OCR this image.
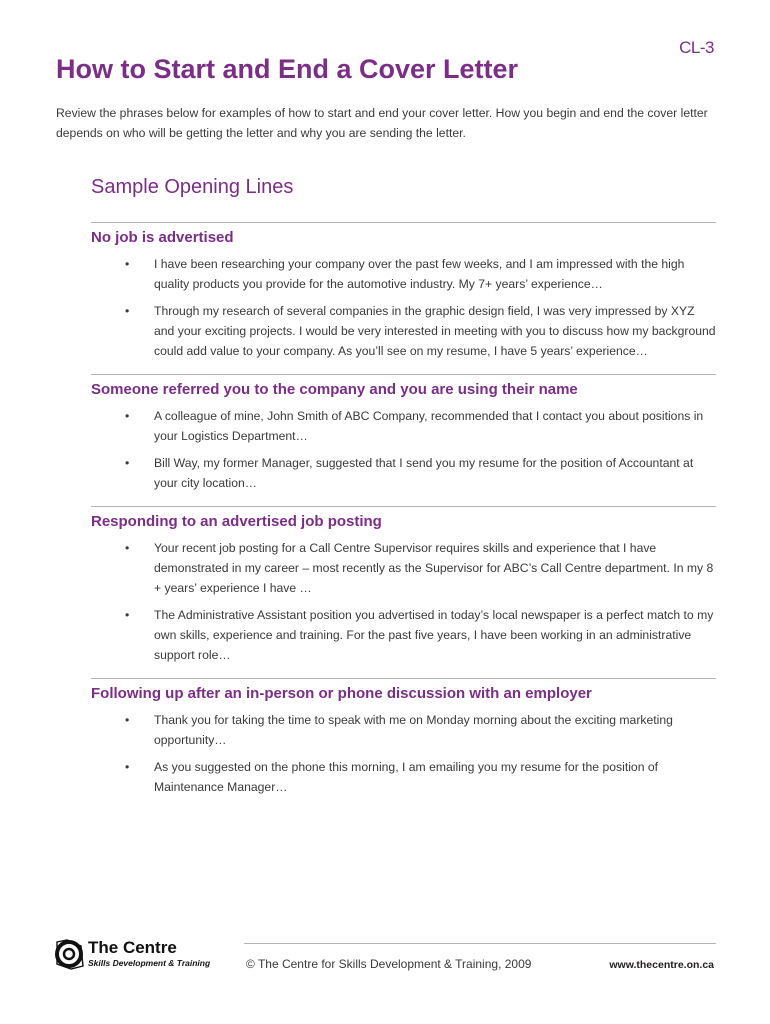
CL-3
How to Start and End a Cover Letter

Review the phrases below for examples of how to start and end your cover letter. How you begin and end the cover letter depends on who will be getting the letter and why you are sending the letter.

Sample Opening Lines
No job is advertised
• I have been researching your company over the past few weeks, and I am impressed with the high quality products you provide for the automotive industry. My 7+ years’ experience…
• Through my research of several companies in the graphic design field, I was very impressed by XYZ and your exciting projects. I would be very interested in meeting with you to discuss how my background could add value to your company. As you’ll see on my resume, I have 5 years’ experience…
Someone referred you to the company and you are using their name
• A colleague of mine, John Smith of ABC Company, recommended that I contact you about positions in your Logistics Department…
• Bill Way, my former Manager, suggested that I send you my resume for the position of Accountant at your city location…
Responding to an advertised job posting
• Your recent job posting for a Call Centre Supervisor requires skills and experience that I have demonstrated in my career – most recently as the Supervisor for ABC’s Call Centre department. In my 8 + years’ experience I have …
• The Administrative Assistant position you advertised in today’s local newspaper is a perfect match to my own skills, experience and training. For the past five years, I have been working in an administrative support role…
Following up after an in-person or phone discussion with an employer
• Thank you for taking the time to speak with me on Monday morning about the exciting marketing opportunity…
• As you suggested on the phone this morning, I am emailing you my resume for the position of Maintenance Manager…
The Centre
Skills Development & Training	© The Centre for Skills Development & Training, 2009	www.thecentre.on.ca
